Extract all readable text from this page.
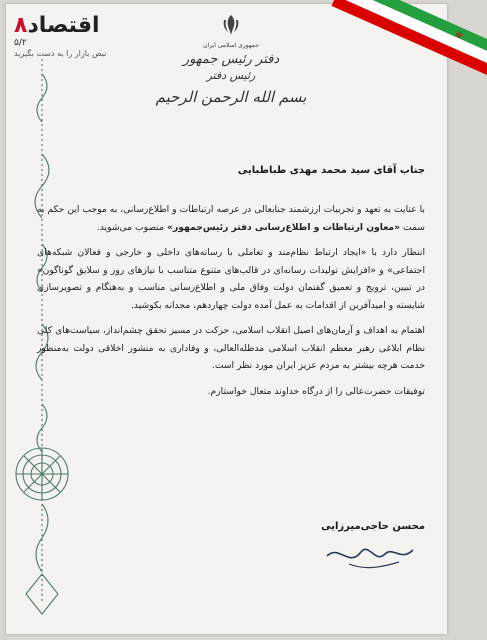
۸اقتصاد
۵/۲
نبض بازار را به دست بگیرید
☫
جمهوری اسلامی ایران
دفتر رئیس جمهور
رئیس دفتر
بسم الله الرحمن الرحیم
جناب آقای سید محمد مهدی طباطبایی

با عنایت به تعهد و تجربیات ارزشمند جنابعالی در عرصه ارتباطات و اطلاع‌رسانی، به موجب این حکم به سمت «معاون ارتباطات و اطلاع‌رسانی دفتر رئیس‌جمهور» منصوب می‌شوید.

انتظار دارد با «ایجاد ارتباط نظام‌مند و تعاملی با رسانه‌های داخلی و خارجی و فعالان شبکه‌های اجتماعی» و «افزایش تولیدات رسانه‌ای در قالب‌های متنوع متناسب با نیازهای روز و سلایق گوناگون» در تبیین، ترویج و تعمیق گفتمان دولت وفاق ملی و اطلاع‌رسانی مناسب و به‌هنگام و تصویرسازی شایسته و امیدآفرین از اقدامات به عمل آمده دولت چهاردهم، مجدانه بکوشید.

اهتمام به اهداف و آرمان‌های اصیل انقلاب اسلامی، حرکت در مسیر تحقق چشم‌انداز، سیاست‌های کلی نظام ابلاغی رهبر معظم انقلاب اسلامی مدظله‌العالی، و وفاداری به منشور اخلاقی دولت به‌منظور خدمت هرچه بیشتر به مردم عزیز ایران مورد نظر است.

توفیقات حضرت‌عالی را از درگاه خداوند متعال خواستارم.

محسن حاجی‌میرزایی
